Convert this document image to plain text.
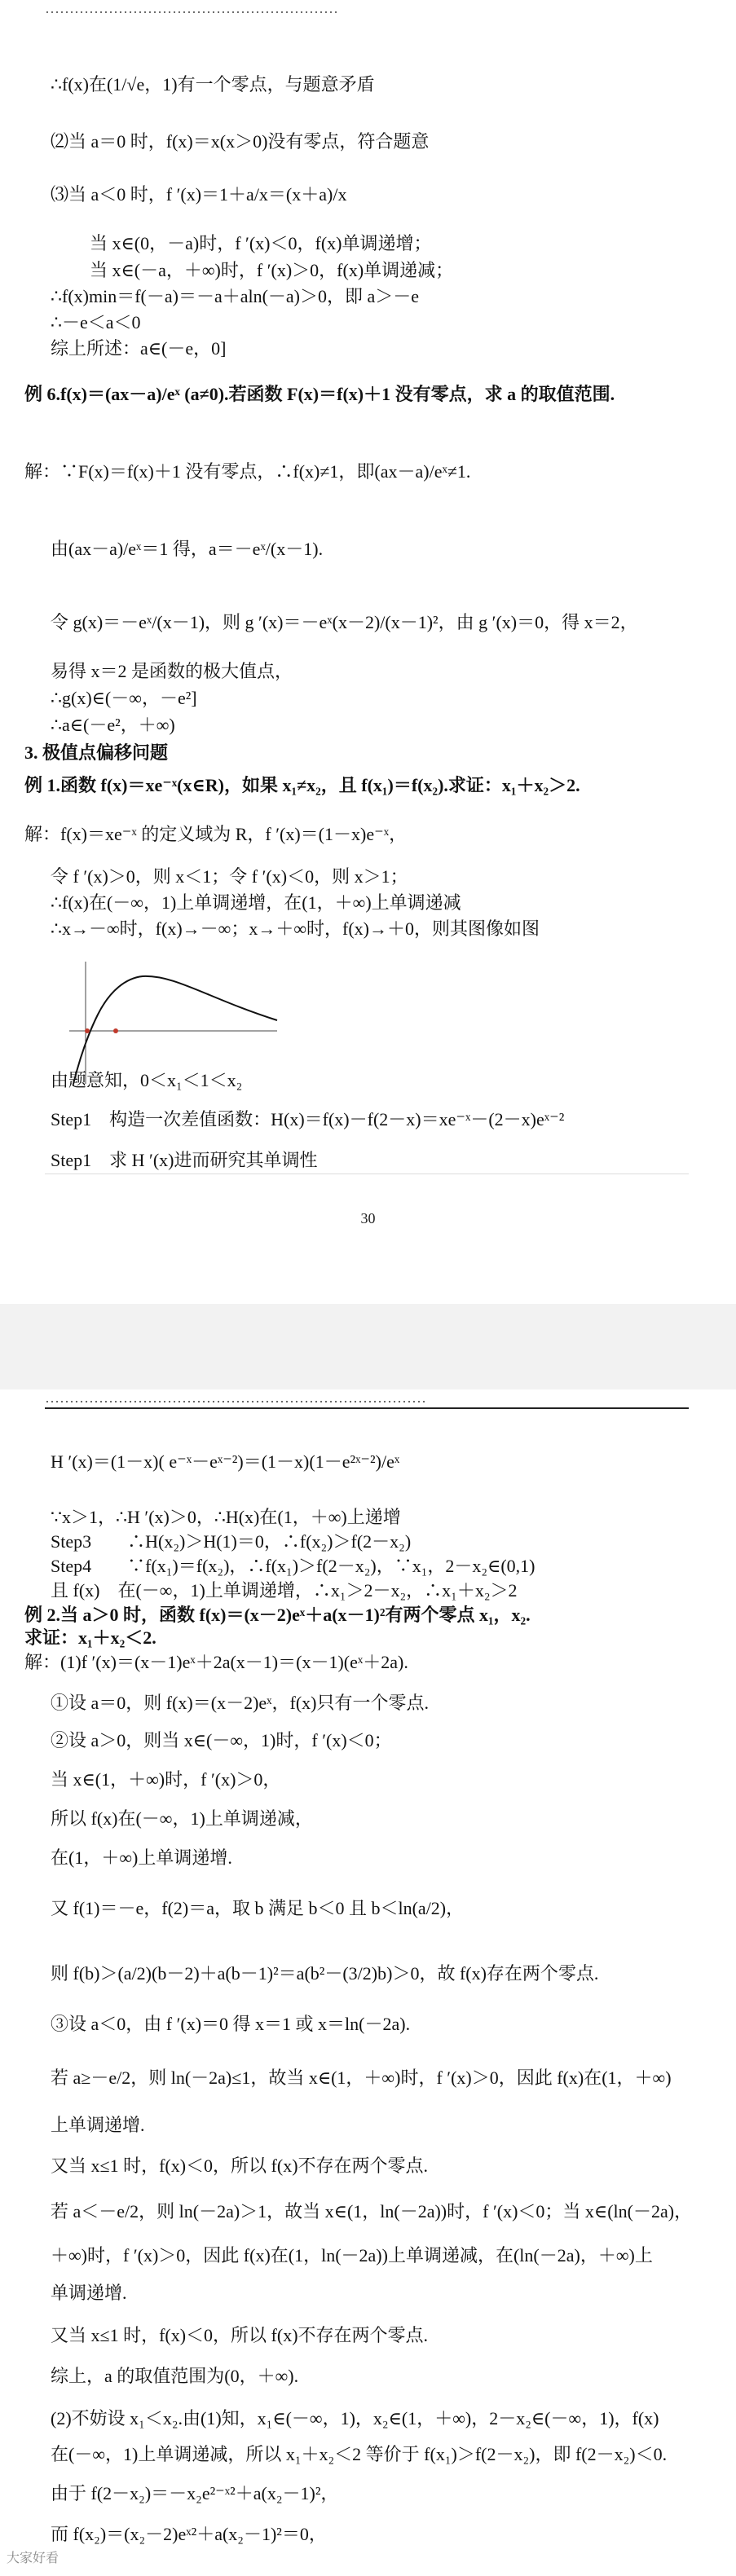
……………………………………………………
∴f(x)在(1/√e，1)有一个零点，与题意矛盾
⑵当 a＝0 时，f(x)＝x(x＞0)没有零点，符合题意
⑶当 a＜0 时，f ′(x)＝1＋a/x＝(x＋a)/x
当 x∈(0，－a)时，f ′(x)＜0，f(x)单调递增；
当 x∈(－a，＋∞)时，f ′(x)＞0，f(x)单调递减；
∴f(x)min＝f(－a)＝－a＋aln(－a)＞0，即 a＞－e
∴－e＜a＜0
综上所述：a∈(－e，0]
例 6.f(x)＝(ax－a)/eˣ (a≠0).若函数 F(x)＝f(x)＋1 没有零点，求 a 的取值范围.
解：∵F(x)＝f(x)＋1 没有零点，∴f(x)≠1，即(ax－a)/eˣ≠1.
由(ax－a)/eˣ＝1 得，a＝－eˣ/(x－1).
令 g(x)＝－eˣ/(x－1)，则 g ′(x)＝－eˣ(x－2)/(x－1)²，由 g ′(x)＝0，得 x＝2，
易得 x＝2 是函数的极大值点，
∴g(x)∈(－∞，－e²]
∴a∈(－e²，＋∞)
3. 极值点偏移问题
例 1.函数 f(x)＝xe⁻ˣ(x∈R)，如果 x₁≠x₂，且 f(x₁)＝f(x₂).求证：x₁＋x₂＞2.
解：f(x)＝xe⁻ˣ 的定义域为 R，f ′(x)＝(1－x)e⁻ˣ，
令 f ′(x)＞0，则 x＜1；令 f ′(x)＜0，则 x＞1；
∴f(x)在(－∞，1)上单调递增，在(1，＋∞)上单调递减
∴x→－∞时，f(x)→－∞；x→＋∞时，f(x)→＋0，则其图像如图
由题意知，0＜x₁＜1＜x₂
Step1　构造一次差值函数：H(x)＝f(x)－f(2－x)＝xe⁻ˣ－(2－x)eˣ⁻²
Step1　求 H ′(x)进而研究其单调性
30
……………………………………………………………………
H ′(x)＝(1－x)( e⁻ˣ－eˣ⁻²)＝(1－x)(1－e²ˣ⁻²)/eˣ
∵x＞1，∴H ′(x)＞0，∴H(x)在(1，＋∞)上递增
Step3　　∴H(x₂)＞H(1)＝0，∴f(x₂)＞f(2－x₂)
Step4　　∵f(x₁)＝f(x₂)，∴f(x₁)＞f(2－x₂)，∵x₁，2－x₂∈(0,1)
且 f(x)　在(－∞，1)上单调递增，∴x₁＞2－x₂，∴x₁＋x₂＞2
例 2.当 a＞0 时，函数 f(x)＝(x－2)eˣ＋a(x－1)²有两个零点 x₁，x₂.
求证：x₁＋x₂＜2.
解：(1)f ′(x)＝(x－1)eˣ＋2a(x－1)＝(x－1)(eˣ＋2a).
①设 a＝0，则 f(x)＝(x－2)eˣ，f(x)只有一个零点.
②设 a＞0，则当 x∈(－∞，1)时，f ′(x)＜0；
当 x∈(1，＋∞)时，f ′(x)＞0，
所以 f(x)在(－∞，1)上单调递减，
在(1，＋∞)上单调递增.
又 f(1)＝－e，f(2)＝a，取 b 满足 b＜0 且 b＜ln(a/2)，
则 f(b)＞(a/2)(b－2)＋a(b－1)²＝a(b²－(3/2)b)＞0，故 f(x)存在两个零点.
③设 a＜0，由 f ′(x)＝0 得 x＝1 或 x＝ln(－2a).
若 a≥－e/2，则 ln(－2a)≤1，故当 x∈(1，＋∞)时，f ′(x)＞0，因此 f(x)在(1，＋∞)
上单调递增.
又当 x≤1 时，f(x)＜0，所以 f(x)不存在两个零点.
若 a＜－e/2，则 ln(－2a)＞1，故当 x∈(1，ln(－2a))时，f ′(x)＜0；当 x∈(ln(－2a)，
＋∞)时，f ′(x)＞0，因此 f(x)在(1，ln(－2a))上单调递减，在(ln(－2a)，＋∞)上
单调递增.
又当 x≤1 时，f(x)＜0，所以 f(x)不存在两个零点.
综上，a 的取值范围为(0，＋∞).
(2)不妨设 x₁＜x₂.由(1)知，x₁∈(－∞，1)，x₂∈(1，＋∞)，2－x₂∈(－∞，1)，f(x)
在(－∞，1)上单调递减，所以 x₁＋x₂＜2 等价于 f(x₁)＞f(2－x₂)，即 f(2－x₂)＜0.
由于 f(2－x₂)＝－x₂e²⁻ˣ²＋a(x₂－1)²，
而 f(x₂)＝(x₂－2)eˣ²＋a(x₂－1)²＝0，
大家好看
